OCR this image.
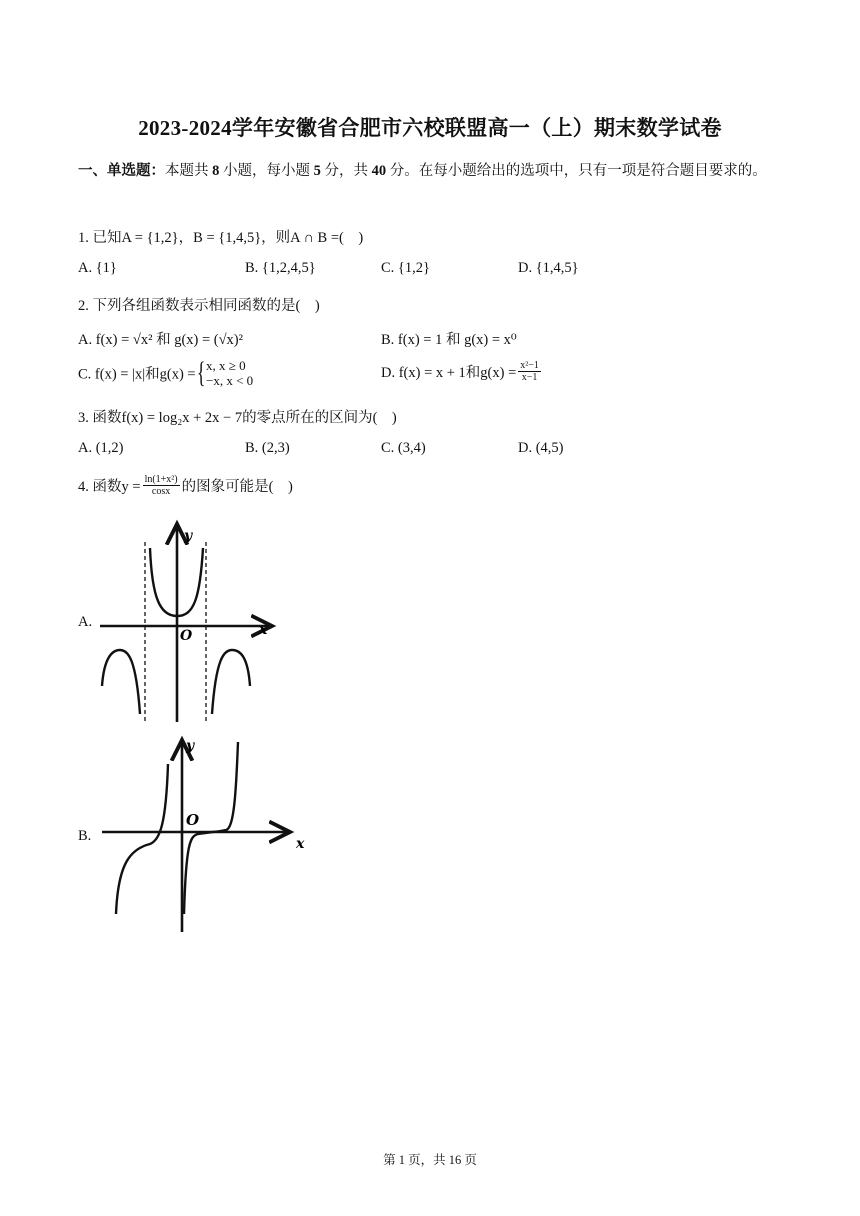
2023-2024学年安徽省合肥市六校联盟高一（上）期末数学试卷
一、单选题：本题共 8 小题，每小题 5 分，共 40 分。在每小题给出的选项中，只有一项是符合题目要求的。
1. 已知A = {1,2}，B = {1,4,5}，则A ∩ B =(　)
A. {1}	B. {1,2,4,5}	C. {1,2}	D. {1,4,5}
2. 下列各组函数表示相同函数的是(　)
A. f(x) = √x² 和 g(x) = (√x)²	B. f(x) = 1 和 g(x) = x⁰
C. f(x) = |x|和g(x) ={ x, x ≥ 0
−x, x < 0	D. f(x) = x + 1和$g(x) = \frac{\text{x²−1}}{x-1}$
3. 函数f(x) = log₂x + 2x − 7的零点所在的区间为(　)
A. (1,2)	B. (2,3)	C. (3,4)	D. (4,5)
4. 函数$y = \frac{\text{ln(1+x²)}}{\cos x}$ 的图象可能是(　)
A.
y
x
O
B.
y
x
O
第 1 页，共 16 页
